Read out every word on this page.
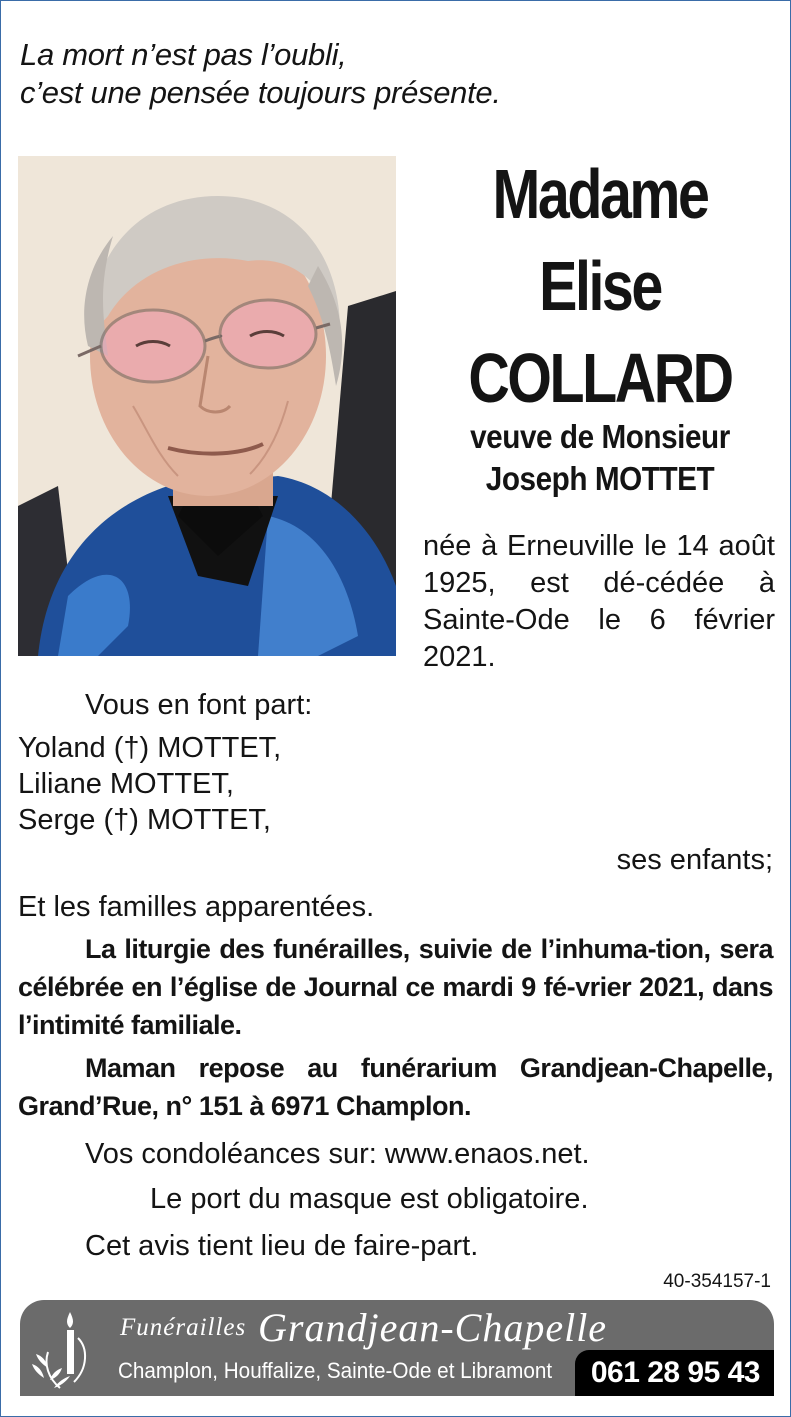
La mort n’est pas l’oubli,
c’est une pensée toujours présente.
Madame
Elise
COLLARD
veuve de Monsieur
Joseph MOTTET
née à Erneuville le 14 août 1925, est dé-cédée à Sainte-Ode le 6 février 2021.
Vous en font part:
Yoland (†) MOTTET,
Liliane MOTTET,
Serge (†) MOTTET,
ses enfants;
Et les familles apparentées.
La liturgie des funérailles, suivie de l’inhuma-tion, sera célébrée en l’église de Journal ce mardi 9 fé-vrier 2021, dans l’intimité familiale.
Maman repose au funérarium Grandjean-Chapelle, Grand’Rue, n° 151 à 6971 Champlon.
Vos condoléances sur: www.enaos.net.
Le port du masque est obligatoire.
Cet avis tient lieu de faire-part.
40-354157-1
Funérailles Grandjean-Chapelle
Champlon, Houffalize, Sainte-Ode et Libramont	061 28 95 43
